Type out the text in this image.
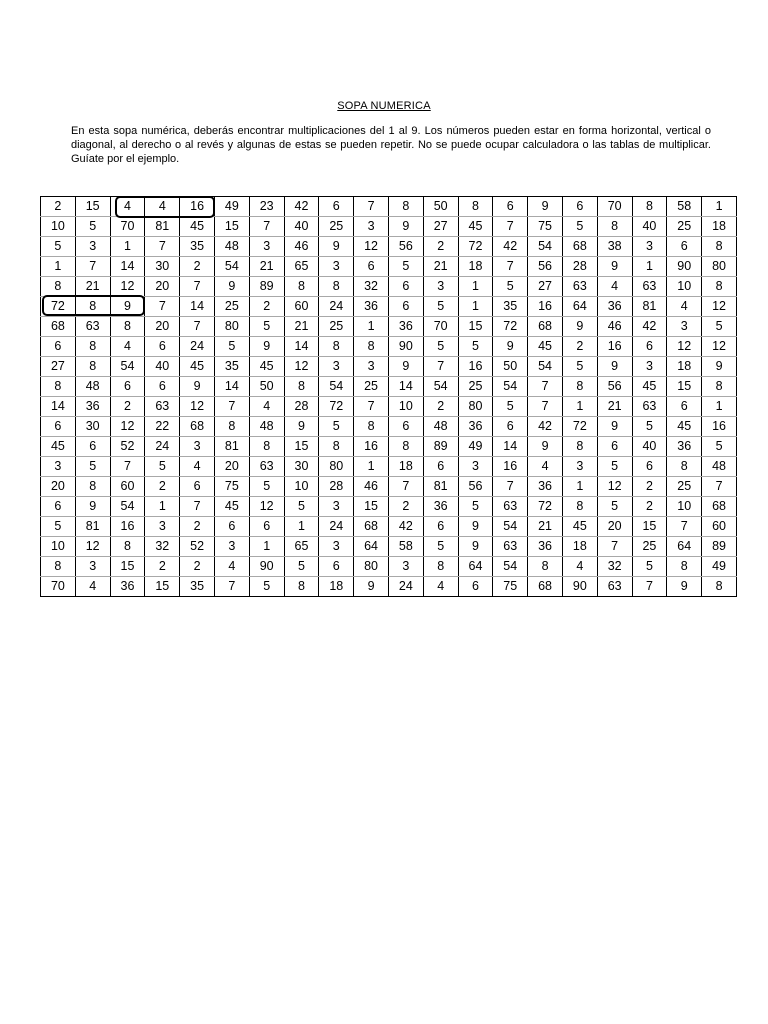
SOPA NUMERICA

En esta sopa numérica, deberás encontrar multiplicaciones del 1 al 9. Los números pueden estar en forma horizontal, vertical o diagonal, al derecho o al revés y algunas de estas se pueden repetir. No se puede ocupar calculadora o las tablas de multiplicar. Guíate por el ejemplo.

2	15	4	4	16	49	23	42	6	7	8	50	8	6	9	6	70	8	58	1
10	5	70	81	45	15	7	40	25	3	9	27	45	7	75	5	8	40	25	18
5	3	1	7	35	48	3	46	9	12	56	2	72	42	54	68	38	3	6	8
1	7	14	30	2	54	21	65	3	6	5	21	18	7	56	28	9	1	90	80
8	21	12	20	7	9	89	8	8	32	6	3	1	5	27	63	4	63	10	8
72	8	9	7	14	25	2	60	24	36	6	5	1	35	16	64	36	81	4	12
68	63	8	20	7	80	5	21	25	1	36	70	15	72	68	9	46	42	3	5
6	8	4	6	24	5	9	14	8	8	90	5	5	9	45	2	16	6	12	12
27	8	54	40	45	35	45	12	3	3	9	7	16	50	54	5	9	3	18	9
8	48	6	6	9	14	50	8	54	25	14	54	25	54	7	8	56	45	15	8
14	36	2	63	12	7	4	28	72	7	10	2	80	5	7	1	21	63	6	1
6	30	12	22	68	8	48	9	5	8	6	48	36	6	42	72	9	5	45	16
45	6	52	24	3	81	8	15	8	16	8	89	49	14	9	8	6	40	36	5
3	5	7	5	4	20	63	30	80	1	18	6	3	16	4	3	5	6	8	48
20	8	60	2	6	75	5	10	28	46	7	81	56	7	36	1	12	2	25	7
6	9	54	1	7	45	12	5	3	15	2	36	5	63	72	8	5	2	10	68
5	81	16	3	2	6	6	1	24	68	42	6	9	54	21	45	20	15	7	60
10	12	8	32	52	3	1	65	3	64	58	5	9	63	36	18	7	25	64	89
8	3	15	2	2	4	90	5	6	80	3	8	64	54	8	4	32	5	8	49
70	4	36	15	35	7	5	8	18	9	24	4	6	75	68	90	63	7	9	8
